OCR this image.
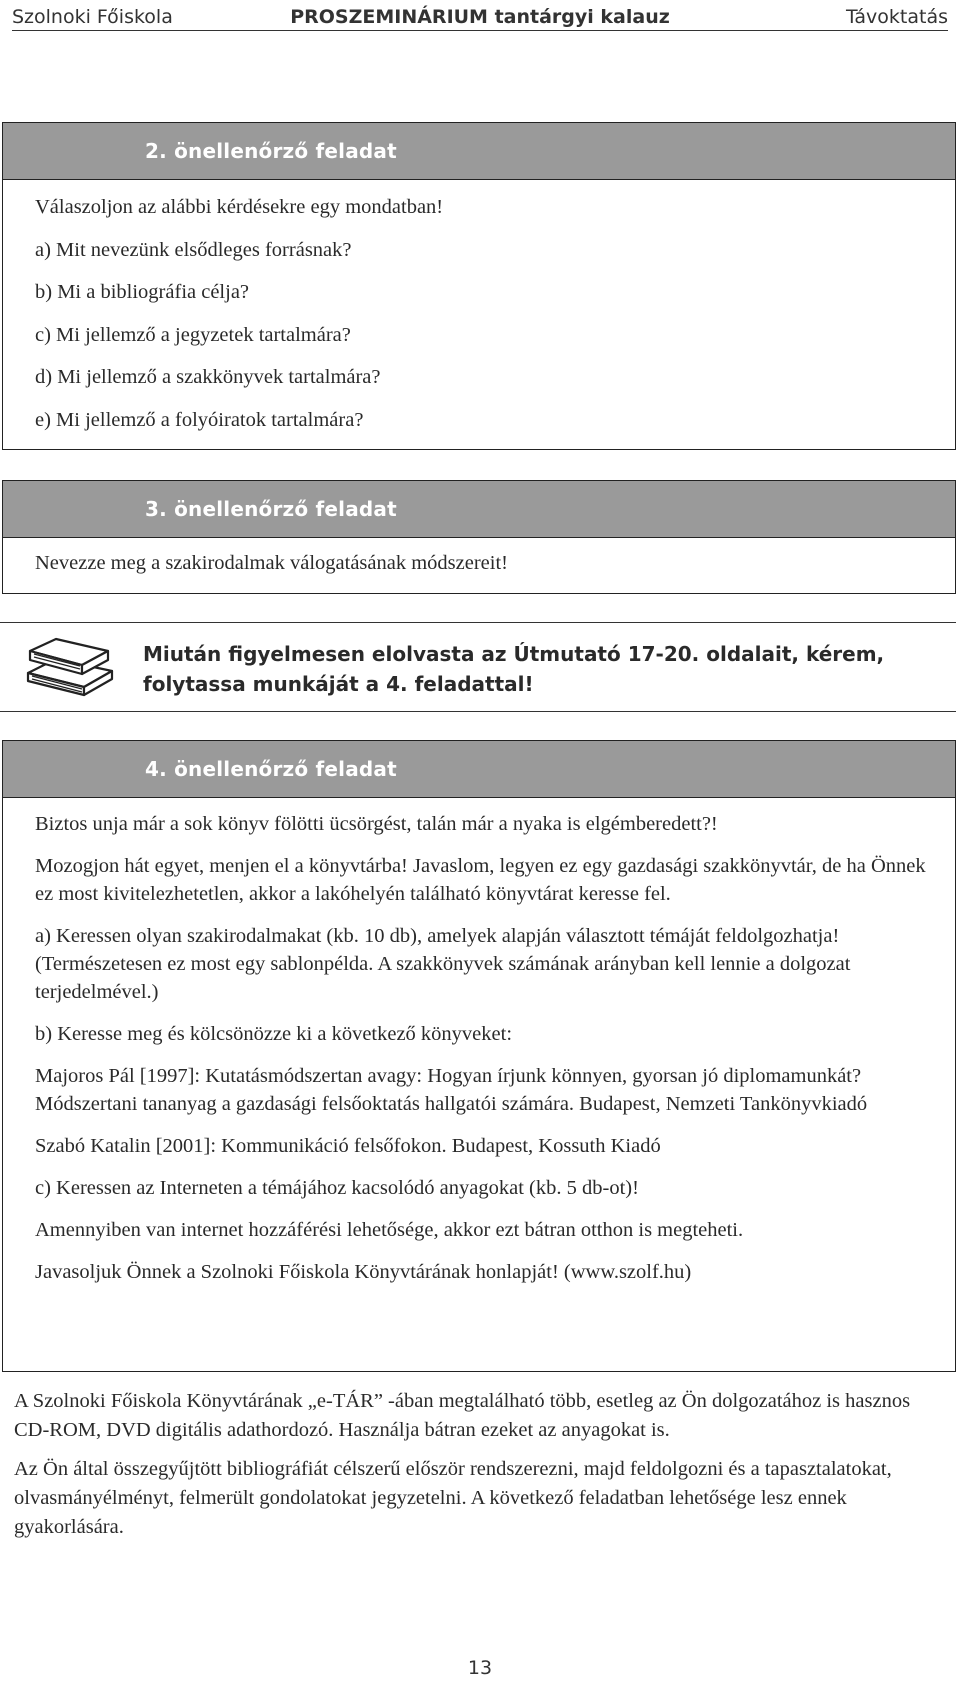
Szolnoki Főiskola	PROSZEMINÁRIUM tantárgyi kalauz	Távoktatás
2. önellenőrző feladat

Válaszoljon az alábbi kérdésekre egy mondatban!

a) Mit nevezünk elsődleges forrásnak?

b) Mi a bibliográfia célja?

c) Mi jellemző a jegyzetek tartalmára?

d) Mi jellemző a szakkönyvek tartalmára?

e) Mi jellemző a folyóiratok tartalmára?

3. önellenőrző feladat

Nevezze meg a szakirodalmak válogatásának módszereit!

Miután figyelmesen elolvasta az Útmutató 17-20. oldalait, kérem,
folytassa munkáját a 4. feladattal!
4. önellenőrző feladat

Biztos unja már a sok könyv fölötti ücsörgést, talán már a nyaka is elgémberedett?!

Mozogjon hát egyet, menjen el a könyvtárba! Javaslom, legyen ez egy gazdasági szakkönyvtár, de ha Önnek ez most kivitelezhetetlen, akkor a lakóhelyén található könyvtárat keresse fel.

a) Keressen olyan szakirodalmakat (kb. 10 db), amelyek alapján választott témáját feldolgozhatja! (Természetesen ez most egy sablonpélda. A szakkönyvek számának arányban kell lennie a dolgozat terjedelmével.)

b) Keresse meg és kölcsönözze ki a következő könyveket:

Majoros Pál [1997]: Kutatásmódszertan avagy: Hogyan írjunk könnyen, gyorsan jó diplomamunkát? Módszertani tananyag a gazdasági felsőoktatás hallgatói számára. Budapest, Nemzeti Tankönyvkiadó

Szabó Katalin [2001]: Kommunikáció felsőfokon. Budapest, Kossuth Kiadó

c) Keressen az Interneten a témájához kacsolódó anyagokat (kb. 5 db-ot)!

Amennyiben van internet hozzáférési lehetősége, akkor ezt bátran otthon is megteheti.

Javasoljuk Önnek a Szolnoki Főiskola Könyvtárának honlapját! (www.szolf.hu)

A Szolnoki Főiskola Könyvtárának „e-TÁR” -ában megtalálható több, esetleg az Ön dolgozatához is hasznos CD-ROM, DVD digitális adathordozó. Használja bátran ezeket az anyagokat is.

Az Ön által összegyűjtött bibliográfiát célszerű először rendszerezni, majd feldolgozni és a tapasztalatokat, olvasmányélményt, felmerült gondolatokat jegyzetelni. A következő feladatban lehetősége lesz ennek gyakorlására.

13
